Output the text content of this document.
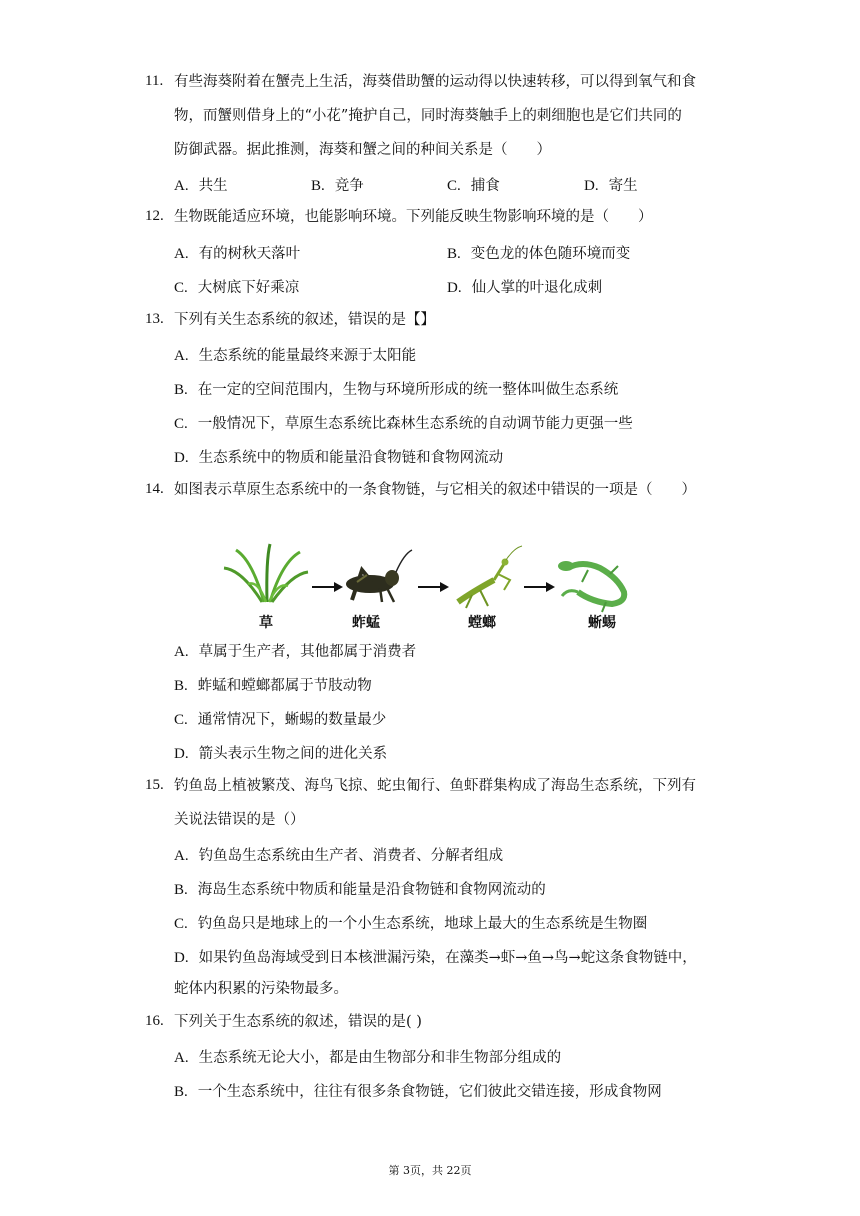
11. 有些海葵附着在蟹壳上生活，海葵借助蟹的运动得以快速转移，可以得到氧气和食
物，而蟹则借身上的“小花”掩护自己，同时海葵触手上的刺细胞也是它们共同的
防御武器。据此推测，海葵和蟹之间的种间关系是（　　）
A. 共生	B. 竞争	C. 捕食	D. 寄生
12. 生物既能适应环境，也能影响环境。下列能反映生物影响环境的是（　　）
A. 有的树秋天落叶	B. 变色龙的体色随环境而变
C. 大树底下好乘凉	D. 仙人掌的叶退化成刺
13. 下列有关生态系统的叙述，错误的是【】
A. 生态系统的能量最终来源于太阳能
B. 在一定的空间范围内，生物与环境所形成的统一整体叫做生态系统
C. 一般情况下，草原生态系统比森林生态系统的自动调节能力更强一些
D. 生态系统中的物质和能量沿食物链和食物网流动
14. 如图表示草原生态系统中的一条食物链，与它相关的叙述中错误的一项是（　　）
草	蚱蜢	螳螂	蜥蜴
A. 草属于生产者，其他都属于消费者
B. 蚱蜢和螳螂都属于节肢动物
C. 通常情况下，蜥蜴的数量最少
D. 箭头表示生物之间的进化关系
15. 钓鱼岛上植被繁茂、海鸟飞掠、蛇虫匍行、鱼虾群集构成了海岛生态系统，下列有
关说法错误的是（）
A. 钓鱼岛生态系统由生产者、消费者、分解者组成
B. 海岛生态系统中物质和能量是沿食物链和食物网流动的
C. 钓鱼岛只是地球上的一个小生态系统，地球上最大的生态系统是生物圈
D. 如果钓鱼岛海域受到日本核泄漏污染，在藻类→虾→鱼→鸟→蛇这条食物链中，
蛇体内积累的污染物最多。
16. 下列关于生态系统的叙述，错误的是( )
A. 生态系统无论大小，都是由生物部分和非生物部分组成的
B. 一个生态系统中，往往有很多条食物链，它们彼此交错连接，形成食物网
第 3页，共 22页
